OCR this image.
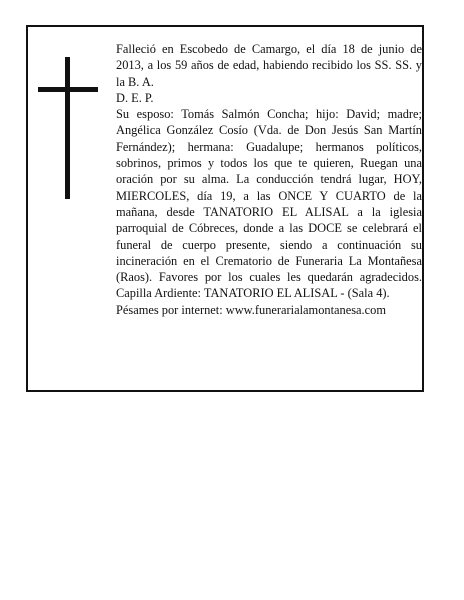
Falleció en Escobedo de Camargo, el día 18 de junio de 2013, a los 59 años de edad, habiendo recibido los SS. SS. y la B. A.

D. E. P.

Su esposo: Tomás Salmón Concha; hijo: David; madre; Angélica González Cosío (Vda. de Don Jesús San Martín Fernández); hermana: Guadalupe; hermanos políticos, sobrinos, primos y todos los que te quieren, Ruegan una oración por su alma. La conducción tendrá lugar, HOY, MIERCOLES, día 19, a las ONCE Y CUARTO de la mañana, desde TANATORIO EL ALISAL a la iglesia parroquial de Cóbreces, donde a las DOCE se celebrará el funeral de cuerpo presente, siendo a continuación su incineración en el Crematorio de Funeraria La Montañesa (Raos). Favores por los cuales les quedarán agradecidos. Capilla Ardiente: TANATORIO EL ALISAL - (Sala 4).

Pésames por internet: www.funerarialamontanesa.com
